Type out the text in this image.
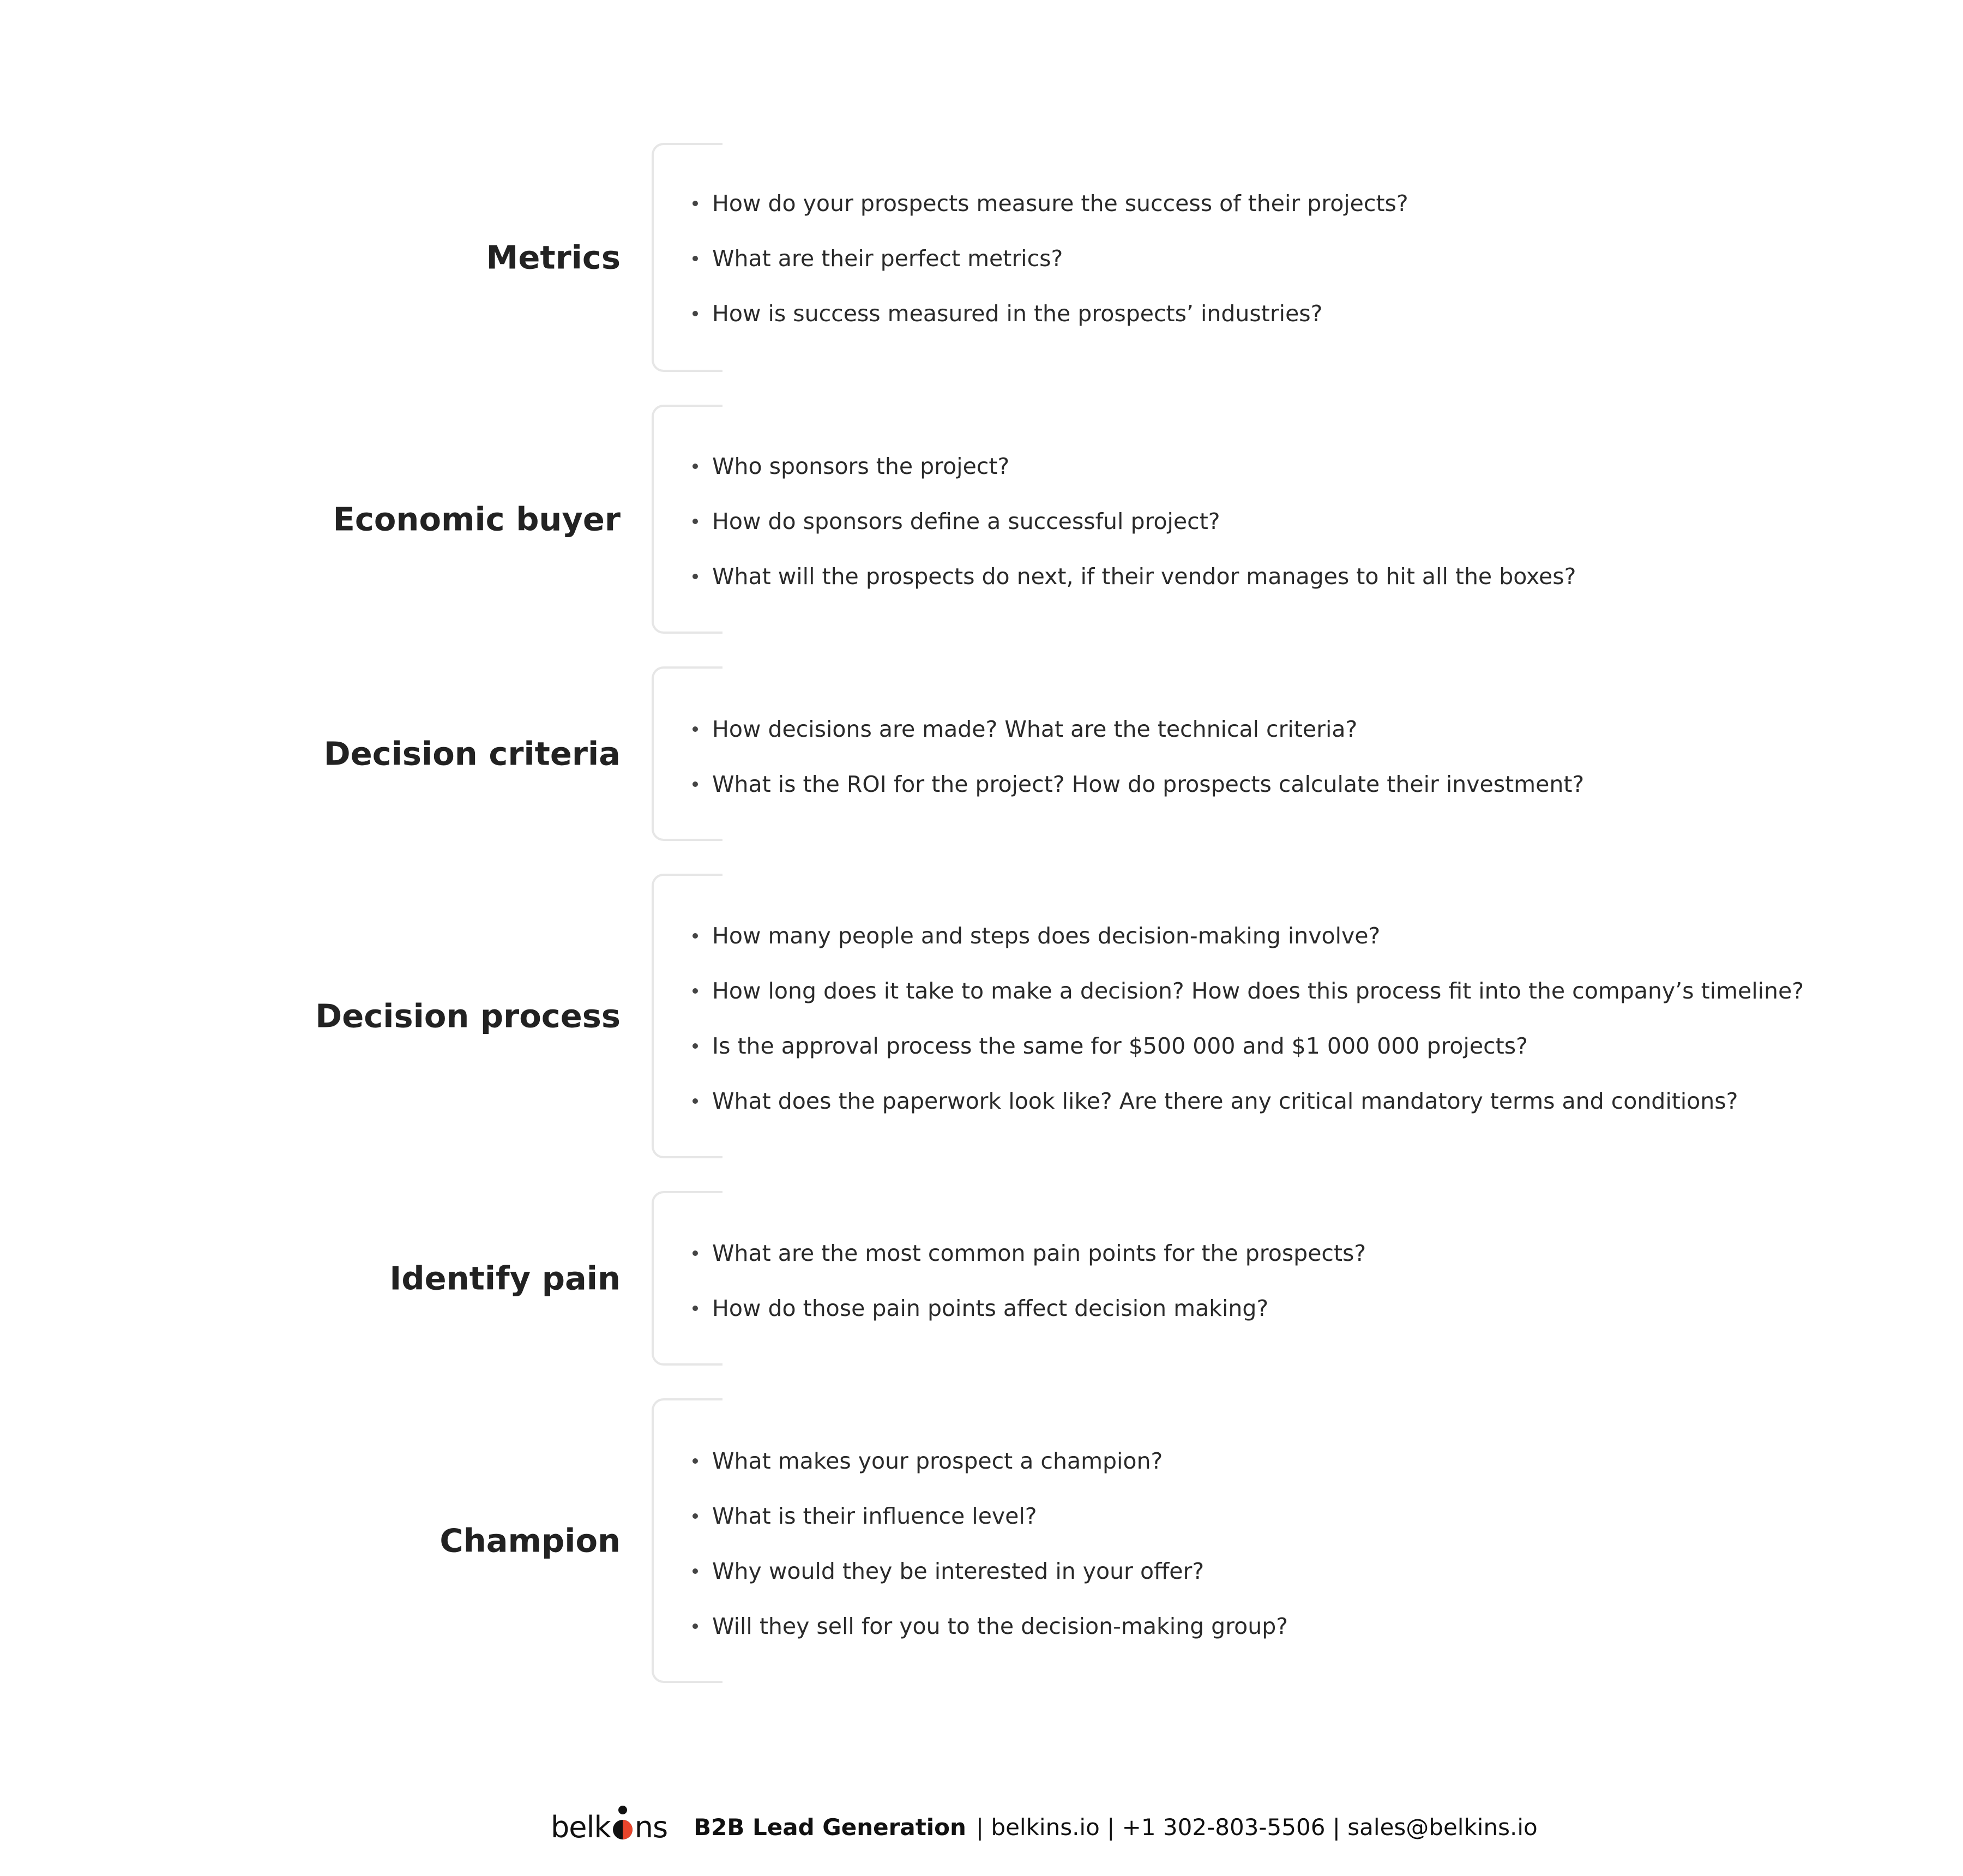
Metrics
How do your prospects measure the success of their projects?
What are their perfect metrics?
How is success measured in the prospects’ industries?
Economic buyer
Who sponsors the project?
How do sponsors define a successful project?
What will the prospects do next, if their vendor manages to hit all the boxes?
Decision criteria
How decisions are made? What are the technical criteria?
What is the ROI for the project? How do prospects calculate their investment?
Decision process
How many people and steps does decision-making involve?
How long does it take to make a decision? How does this process fit into the company’s timeline?
Is the approval process the same for $500 000 and $1 000 000 projects?
What does the paperwork look like? Are there any critical mandatory terms and conditions?
Identify pain
What are the most common pain points for the prospects?
How do those pain points affect decision making?
Champion
What makes your prospect a champion?
What is their influence level?
Why would they be interested in your offer?
Will they sell for you to the decision-making group?
belk ns B2B Lead Generation | belkins.io | +1 302-803-5506 | sales@belkins.io
